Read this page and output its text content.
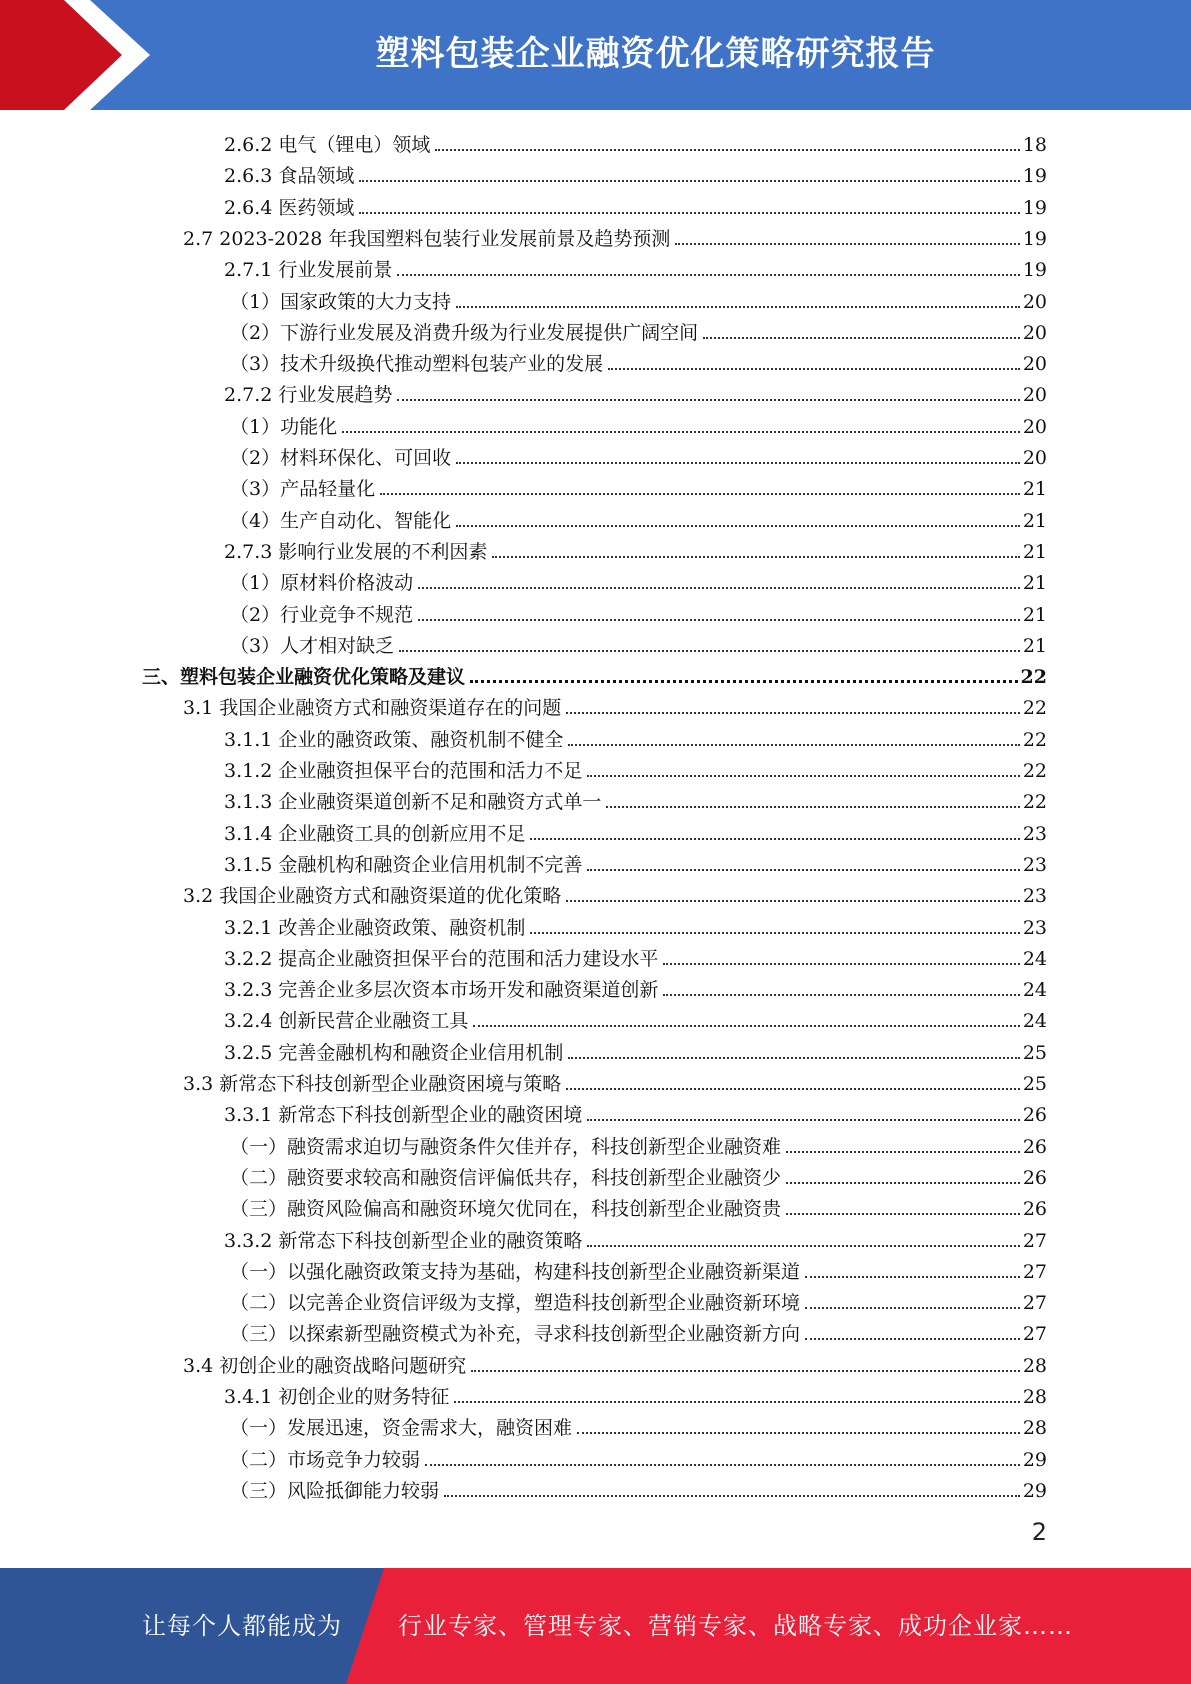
塑料包装企业融资优化策略研究报告
2.6.2 电气（锂电）领域	18
2.6.3 食品领域	19
2.6.4 医药领域	19
2.7 2023-2028 年我国塑料包装行业发展前景及趋势预测	19
2.7.1 行业发展前景	19
（1）国家政策的大力支持	20
（2）下游行业发展及消费升级为行业发展提供广阔空间	20
（3）技术升级换代推动塑料包装产业的发展	20
2.7.2 行业发展趋势	20
（1）功能化	20
（2）材料环保化、可回收	20
（3）产品轻量化	21
（4）生产自动化、智能化	21
2.7.3 影响行业发展的不利因素	21
（1）原材料价格波动	21
（2）行业竞争不规范	21
（3）人才相对缺乏	21
三、塑料包装企业融资优化策略及建议	22
3.1 我国企业融资方式和融资渠道存在的问题	22
3.1.1 企业的融资政策、融资机制不健全	22
3.1.2 企业融资担保平台的范围和活力不足	22
3.1.3 企业融资渠道创新不足和融资方式单一	22
3.1.4 企业融资工具的创新应用不足	23
3.1.5 金融机构和融资企业信用机制不完善	23
3.2 我国企业融资方式和融资渠道的优化策略	23
3.2.1 改善企业融资政策、融资机制	23
3.2.2 提高企业融资担保平台的范围和活力建设水平	24
3.2.3 完善企业多层次资本市场开发和融资渠道创新	24
3.2.4 创新民营企业融资工具	24
3.2.5 完善金融机构和融资企业信用机制	25
3.3 新常态下科技创新型企业融资困境与策略	25
3.3.1 新常态下科技创新型企业的融资困境	26
（一）融资需求迫切与融资条件欠佳并存，科技创新型企业融资难	26
（二）融资要求较高和融资信评偏低共存，科技创新型企业融资少	26
（三）融资风险偏高和融资环境欠优同在，科技创新型企业融资贵	26
3.3.2 新常态下科技创新型企业的融资策略	27
（一）以强化融资政策支持为基础，构建科技创新型企业融资新渠道	27
（二）以完善企业资信评级为支撑，塑造科技创新型企业融资新环境	27
（三）以探索新型融资模式为补充，寻求科技创新型企业融资新方向	27
3.4 初创企业的融资战略问题研究	28
3.4.1 初创企业的财务特征	28
（一）发展迅速，资金需求大，融资困难	28
（二）市场竞争力较弱	29
（三）风险抵御能力较弱	29
2
让每个人都能成为 行业专家、管理专家、营销专家、战略专家、成功企业家……
